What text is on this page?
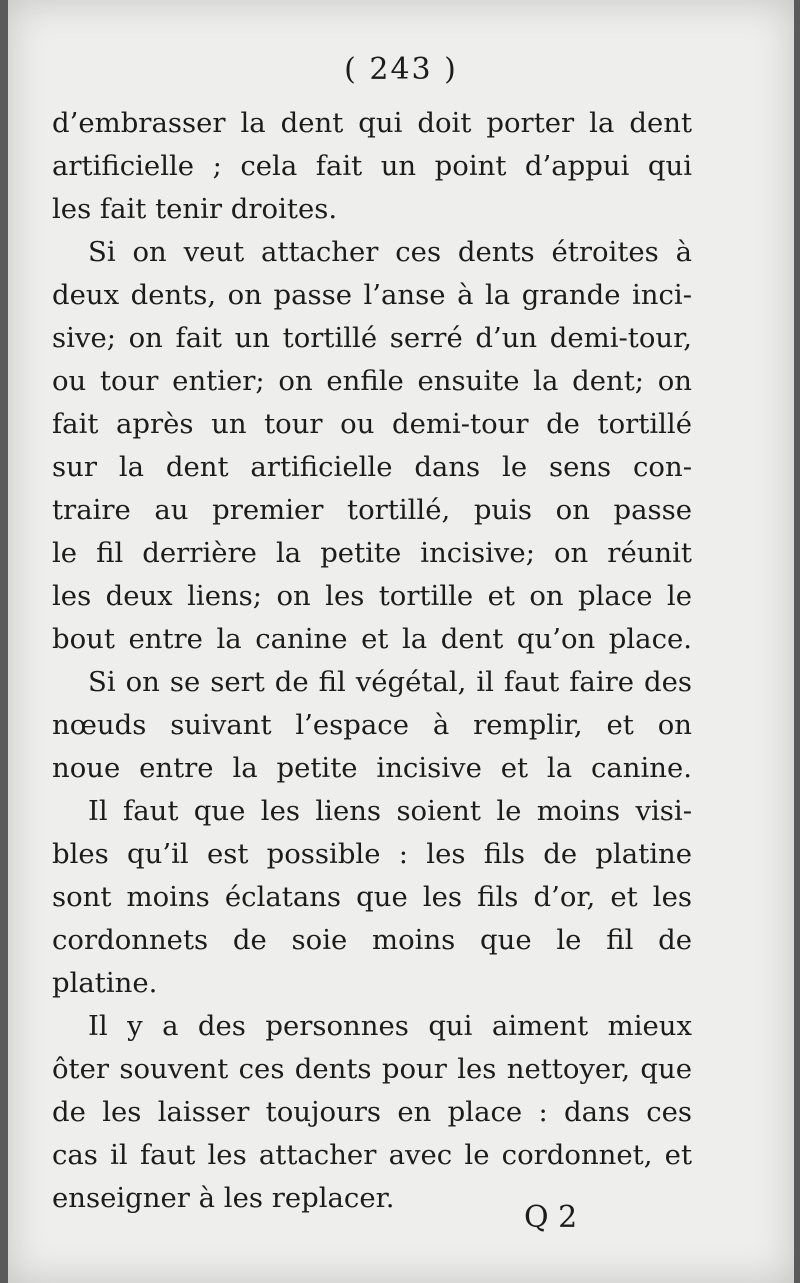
( 243 )
d’embrasser la dent qui doit porter la dent
artificielle ; cela fait un point d’appui qui
les fait tenir droites.
Si on veut attacher ces dents étroites à
deux dents, on passe l’anse à la grande inci-
sive; on fait un tortillé serré d’un demi-tour,
ou tour entier; on enfile ensuite la dent; on
fait après un tour ou demi-tour de tortillé
sur la dent artificielle dans le sens con-
traire au premier tortillé, puis on passe
le fil derrière la petite incisive; on réunit
les deux liens; on les tortille et on place le
bout entre la canine et la dent qu’on place.
Si on se sert de fil végétal, il faut faire des
nœuds suivant l’espace à remplir, et on
noue entre la petite incisive et la canine.
Il faut que les liens soient le moins visi-
bles qu’il est possible : les fils de platine
sont moins éclatans que les fils d’or, et les
cordonnets de soie moins que le fil de
platine.
Il y a des personnes qui aiment mieux
ôter souvent ces dents pour les nettoyer, que
de les laisser toujours en place : dans ces
cas il faut les attacher avec le cordonnet, et
enseigner à les replacer.
Q 2
